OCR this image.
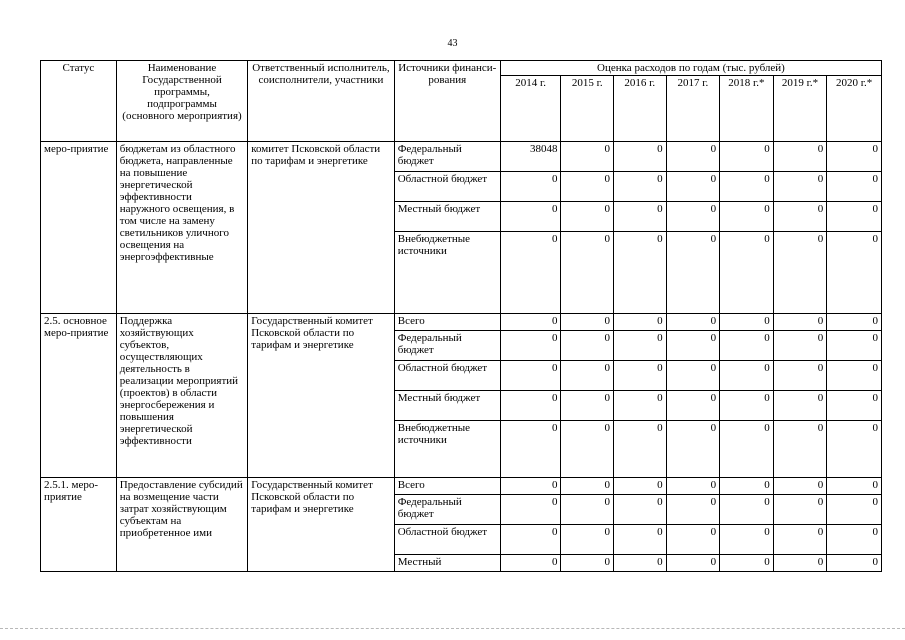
43
Статус	Наименование Государственной программы, подпрограммы (основного мероприятия)	Ответственный исполнитель, соисполнители, участники	Источники финанси-рования	Оценка расходов по годам (тыс. рублей)						
				2014 г.	2015 г.	2016 г.	2017 г.	2018 г.*	2019 г.*	2020 г.*
меро-приятие	бюджетам из областного бюджета, направленные на повышение энергетической эффективности наружного освещения, в том числе на замену светильников уличного освещения на энергоэффективные	комитет Псковской области по тарифам и энергетике	Федеральный бюджет	38048	0	0	0	0	0	0
			Областной бюджет	0	0	0	0	0	0	0
			Местный бюджет	0	0	0	0	0	0	0
			Внебюджетные источники	0	0	0	0	0	0	0
2.5. основное меро-приятие	Поддержка хозяйствующих субъектов, осуществляющих деятельность в реализации мероприятий (проектов) в области энергосбережения и повышения энергетической эффективности	Государственный комитет Псковской области по тарифам и энергетике	Всего	0	0	0	0	0	0	0
			Федеральный бюджет	0	0	0	0	0	0	0
			Областной бюджет	0	0	0	0	0	0	0
			Местный бюджет	0	0	0	0	0	0	0
			Внебюджетные источники	0	0	0	0	0	0	0
2.5.1. меро-приятие	Предоставление субсидий на возмещение части затрат хозяйствующим субъектам на приобретенное ими	Государственный комитет Псковской области по тарифам и энергетике	Всего	0	0	0	0	0	0	0
			Федеральный бюджет	0	0	0	0	0	0	0
			Областной бюджет	0	0	0	0	0	0	0
			Местный	0	0	0	0	0	0	0
